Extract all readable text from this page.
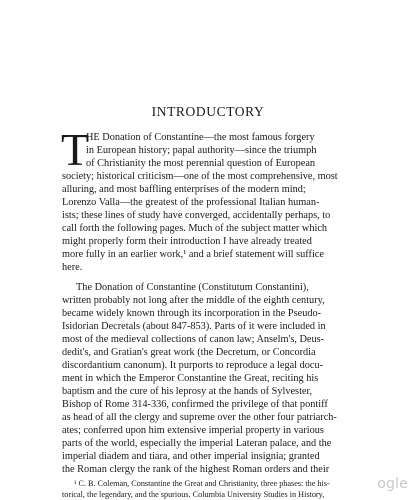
INTRODUCTORY
T
HE Donation of Constantine—the most famous forgery
in European history; papal authority—since the triumph
of Christianity the most perennial question of European
society; historical criticism—one of the most comprehensive, most
alluring, and most baffling enterprises of the modern mind;
Lorenzo Valla—the greatest of the professional Italian human-
ists; these lines of study have converged, accidentally perhaps, to
call forth the following pages. Much of the subject matter which
might properly form their introduction I have already treated
more fully in an earlier work,¹ and a brief statement will suffice
here.
The Donation of Constantine (Constitutum Constantini),
written probably not long after the middle of the eighth century,
became widely known through its incorporation in the Pseudo-
Isidorian Decretals (about 847-853). Parts of it were included in
most of the medieval collections of canon law; Anselm's, Deus-
dedit's, and Gratian's great work (the Decretum, or Concordia
discordantium canonum). It purports to reproduce a legal docu-
ment in which the Emperor Constantine the Great, reciting his
baptism and the cure of his leprosy at the hands of Sylvester,
Bishop of Rome 314-336, confirmed the privilege of that pontiff
as head of all the clergy and supreme over the other four patriarch-
ates; conferred upon him extensive imperial property in various
parts of the world, especially the imperial Lateran palace, and the
imperial diadem and tiara, and other imperial insignia; granted
the Roman clergy the rank of the highest Roman orders and their
¹ C. B. Coleman, Constantine the Great and Christianity, three phases: the his-
torical, the legendary, and the spurious. Columbia University Studies in History,
ogle
